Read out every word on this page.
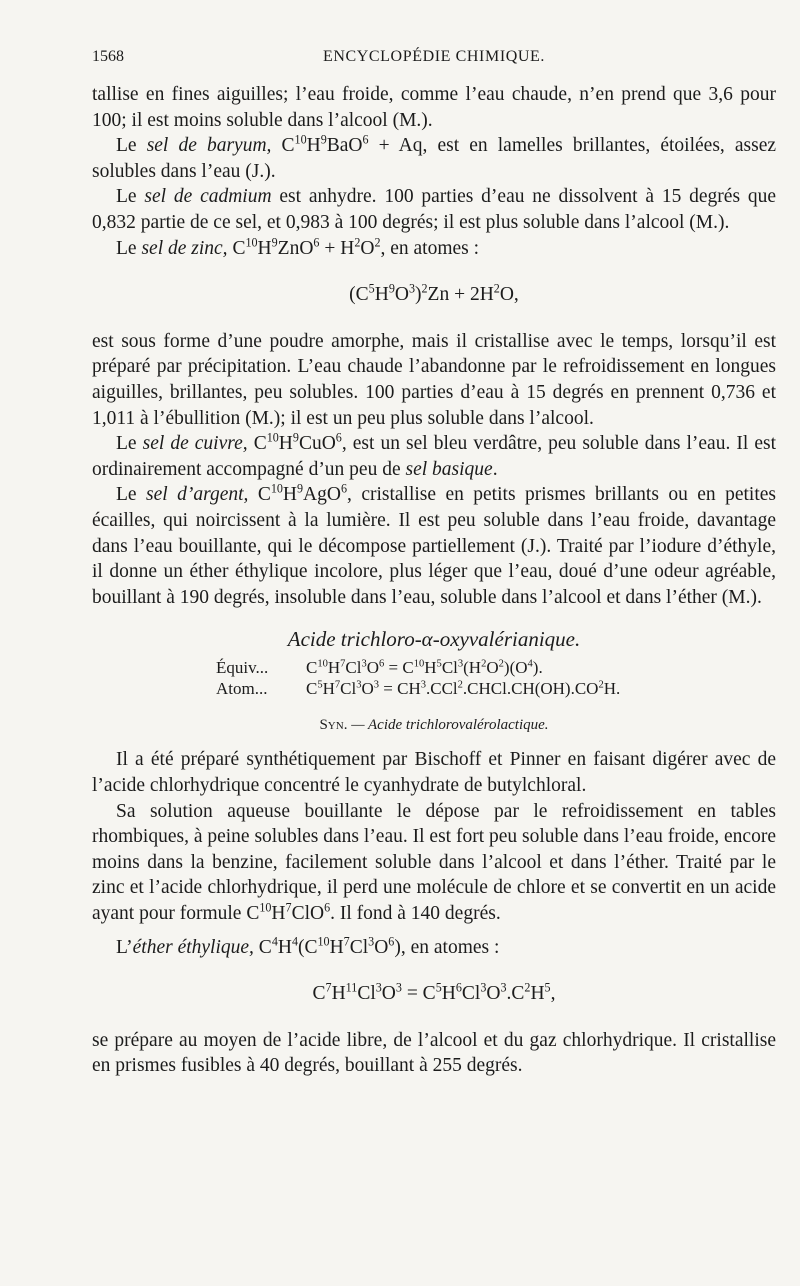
1568	ENCYCLOPÉDIE CHIMIQUE.

tallise en fines aiguilles; l’eau froide, comme l’eau chaude, n’en prend que 3,6 pour 100; il est moins soluble dans l’alcool (M.).

Le sel de baryum, $C^{10}H^9BaO^6 + Aq$, est en lamelles brillantes, étoilées, assez solubles dans l’eau (J.).

Le sel de cadmium est anhydre. 100 parties d’eau ne dissolvent à 15 degrés que 0,832 partie de ce sel, et 0,983 à 100 degrés; il est plus soluble dans l’alcool (M.).

Le sel de zinc, $C^{10}H^9ZnO^6 + H^2O^2$, en atomes :

$(C^5H^9O^3)^2Zn + 2H^2O$,

est sous forme d’une poudre amorphe, mais il cristallise avec le temps, lorsqu’il est préparé par précipitation. L’eau chaude l’abandonne par le refroidissement en longues aiguilles, brillantes, peu solubles. 100 parties d’eau à 15 degrés en prennent 0,736 et 1,011 à l’ébullition (M.); il est un peu plus soluble dans l’alcool.

Le sel de cuivre, $C^{10}H^9CuO^6$, est un sel bleu verdâtre, peu soluble dans l’eau. Il est ordinairement accompagné d’un peu de sel basique.

Le sel d’argent, $C^{10}H^9AgO^6$, cristallise en petits prismes brillants ou en petites écailles, qui noircissent à la lumière. Il est peu soluble dans l’eau froide, davantage dans l’eau bouillante, qui le décompose partiellement (J.). Traité par l’iodure d’éthyle, il donne un éther éthylique incolore, plus léger que l’eau, doué d’une odeur agréable, bouillant à 190 degrés, insoluble dans l’eau, soluble dans l’alcool et dans l’éther (M.).

Acide trichloro-α-oxyvalérianique.
Équiv... $C^{10}H^7Cl^3O^6 = C^{10}H^5Cl^3(H^2O^2)(O^4)$.
Atom... $C^5H^7Cl^3O^3$ = $CH^3.CCl^2.CHCl.CH(OH).CO^2H$.
Syn. — Acide trichlorovalérolactique.

Il a été préparé synthétiquement par Bischoff et Pinner en faisant digérer avec de l’acide chlorhydrique concentré le cyanhydrate de butylchloral.

Sa solution aqueuse bouillante le dépose par le refroidissement en tables rhombiques, à peine solubles dans l’eau. Il est fort peu soluble dans l’eau froide, encore moins dans la benzine, facilement soluble dans l’alcool et dans l’éther. Traité par le zinc et l’acide chlorhydrique, il perd une molécule de chlore et se convertit en un acide ayant pour formule $C^{10}H^7ClO^6$. Il fond à 140 degrés.

L’éther éthylique, $C^4H^4(C^{10}H^7Cl^3O^6)$, en atomes :

$C^7H^{11}Cl^3O^3 = C^5H^6Cl^3O^3.C^2H^5$,

se prépare au moyen de l’acide libre, de l’alcool et du gaz chlorhydrique. Il cristallise en prismes fusibles à 40 degrés, bouillant à 255 degrés.
